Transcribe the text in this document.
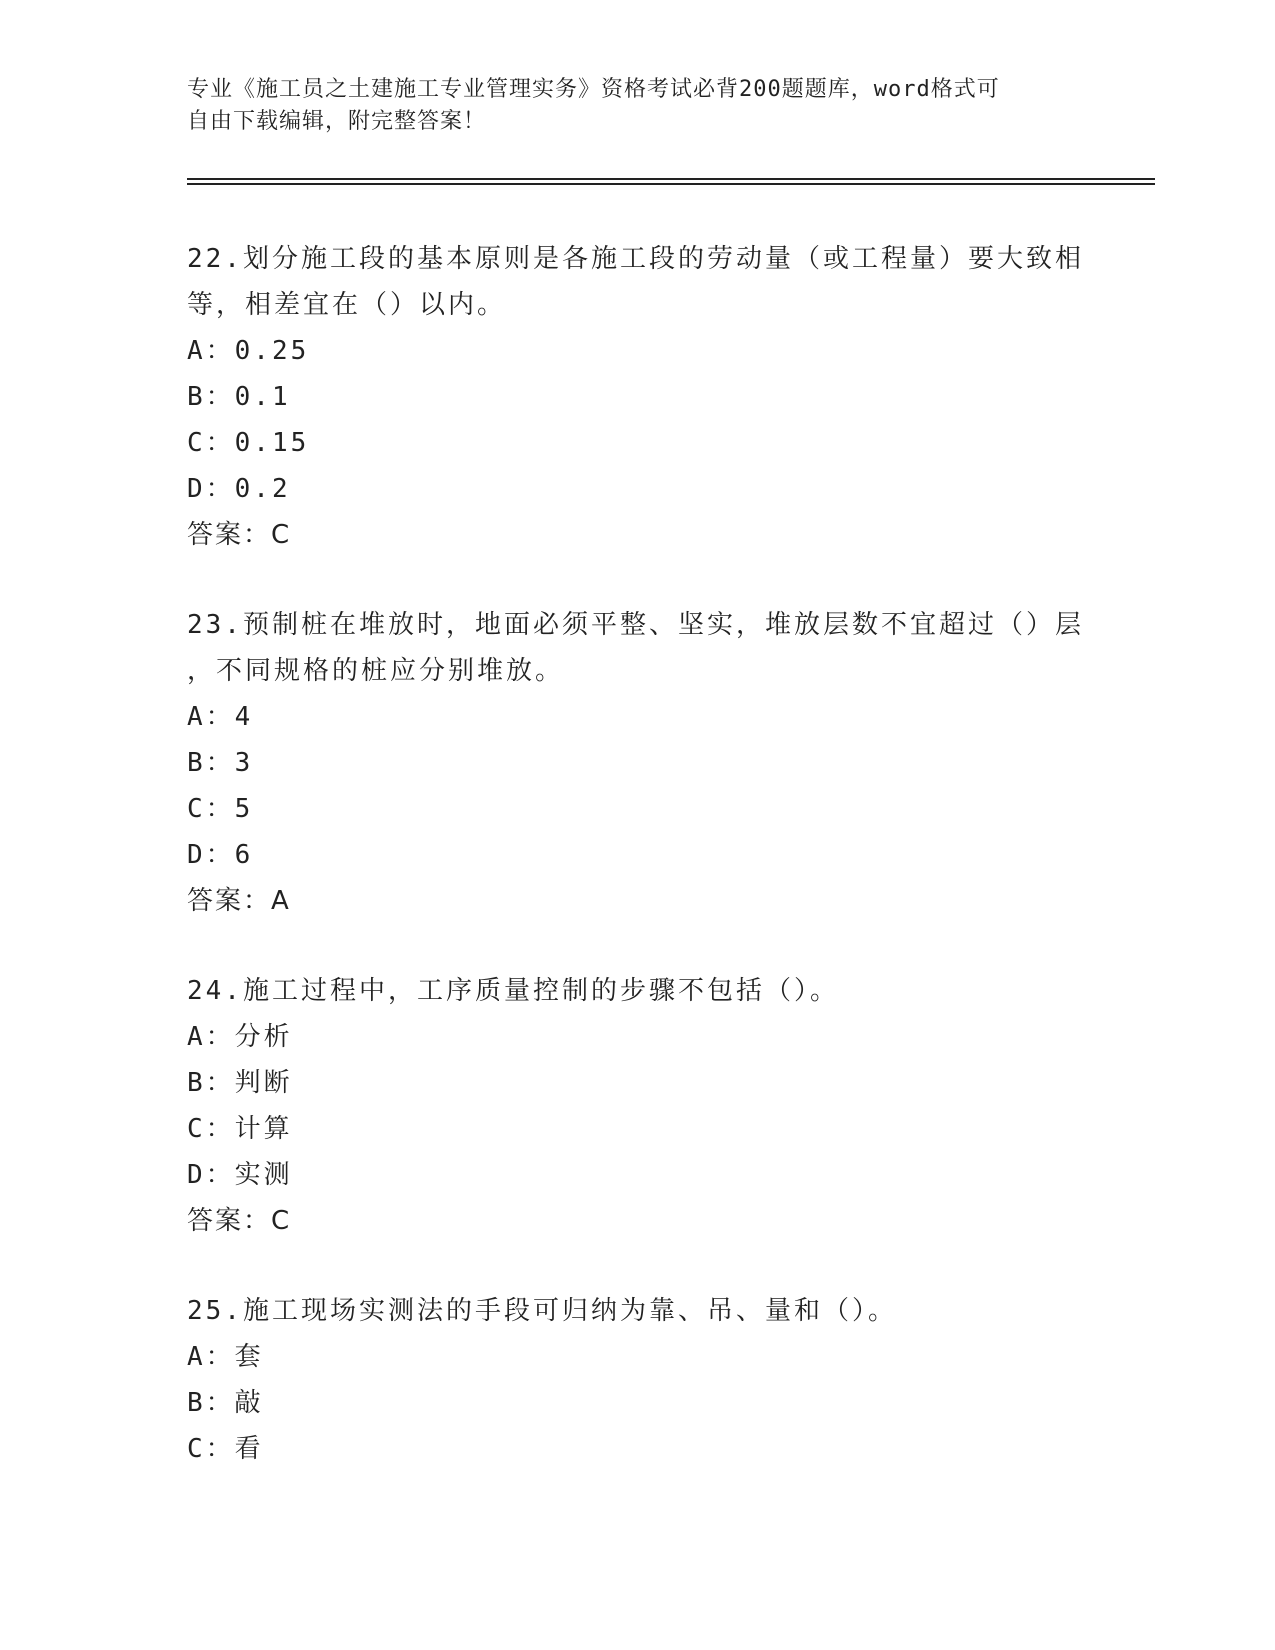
专业《施工员之土建施工专业管理实务》资格考试必背200题题库，word格式可
自由下载编辑，附完整答案！

22.划分施工段的基本原则是各施工段的劳动量（或工程量）要大致相

等，相差宜在（）以内。

A：0.25

B：0.1

C：0.15

D：0.2

答案：C

23.预制桩在堆放时，地面必须平整、坚实，堆放层数不宜超过（）层

，不同规格的桩应分别堆放。

A：4

B：3

C：5

D：6

答案：A

24.施工过程中，工序质量控制的步骤不包括（）。

A：分析

B：判断

C：计算

D：实测

答案：C

25.施工现场实测法的手段可归纳为靠、吊、量和（）。

A：套

B：敲

C：看
